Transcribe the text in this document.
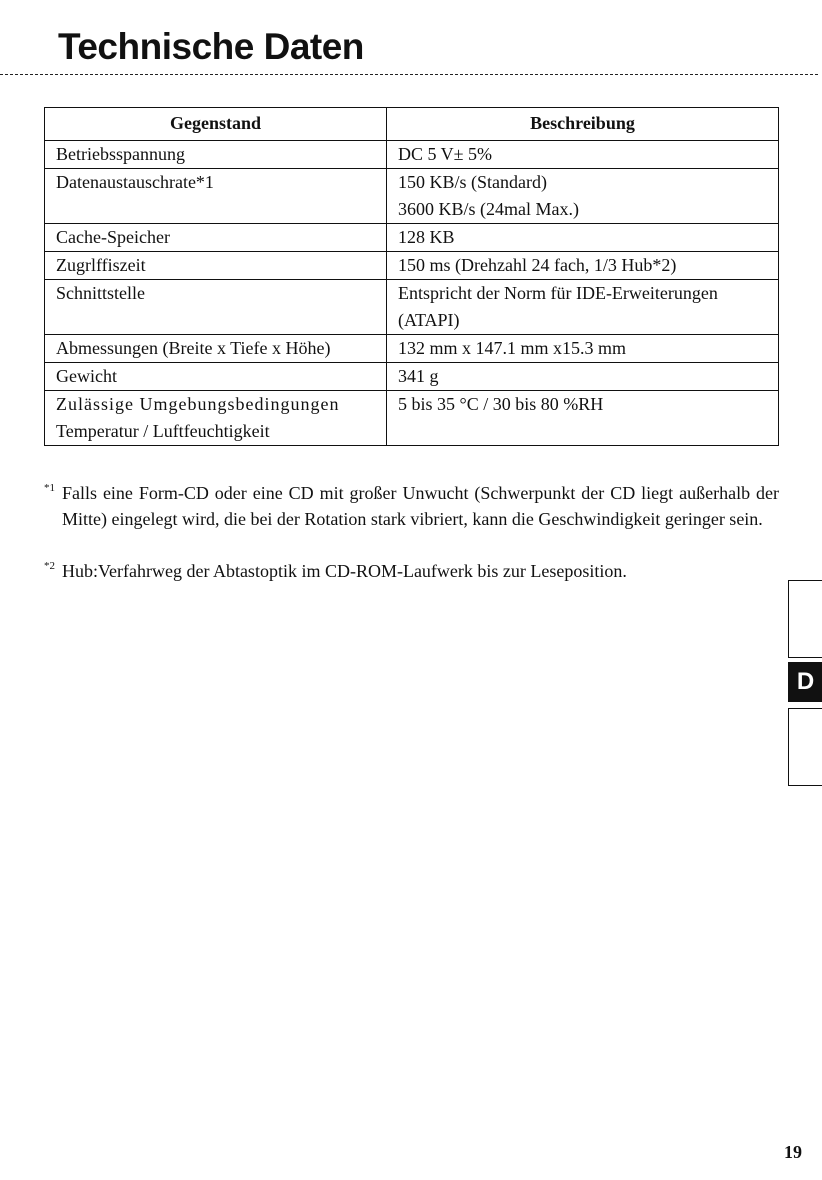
Technische Daten
Gegenstand	Beschreibung

Betriebsspannung	DC 5 V± 5%

Datenaustauschrate*1	150 KB/s (Standard)
3600 KB/s (24mal Max.)

Cache-Speicher	128 KB

Zugrlffiszeit	150 ms (Drehzahl 24 fach, 1/3 Hub*2)

Schnittstelle	Entspricht der Norm für IDE-Erweiterungen
(ATAPI)

Abmessungen (Breite x Tiefe x Höhe)	132 mm x 147.1 mm x15.3 mm

Gewicht	341 g

Zulässige Umgebungsbedingungen
Temperatur / Luftfeuchtigkeit	5 bis 35 °C / 30 bis 80 %RH
*1 Falls eine Form-CD oder eine CD mit großer Unwucht (Schwerpunkt der CD liegt außerhalb der Mitte) eingelegt wird, die bei der Rotation stark vibriert, kann die Geschwindigkeit geringer sein.
*2 Hub:Verfahrweg der Abtastoptik im CD-ROM-Laufwerk bis zur Leseposition.
D
19
